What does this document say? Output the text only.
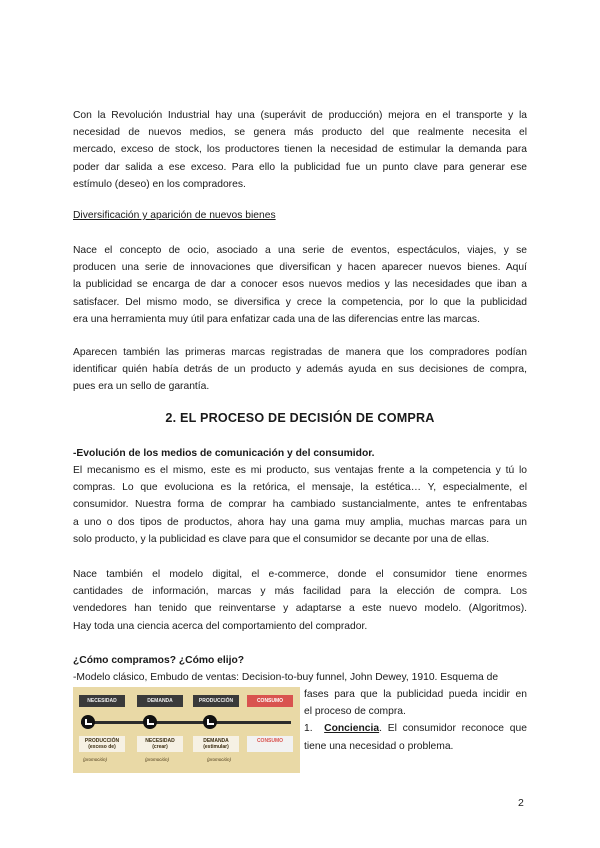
Con la Revolución Industrial hay una (superávit de producción) mejora en el transporte y la
necesidad de nuevos medios, se genera más producto del que realmente necesita el
mercado, exceso de stock, los productores tienen la necesidad de estimular la demanda para
poder dar salida a ese exceso. Para ello la publicidad fue un punto clave para generar ese
estímulo (deseo) en los compradores.
Diversificación y aparición de nuevos bienes
Nace el concepto de ocio, asociado a una serie de eventos, espectáculos, viajes, y se
producen una serie de innovaciones que diversifican y hacen aparecer nuevos bienes. Aquí
la publicidad se encarga de dar a conocer esos nuevos medios y las necesidades que iban a
satisfacer. Del mismo modo, se diversifica y crece la competencia, por lo que la publicidad
era una herramienta muy útil para enfatizar cada una de las diferencias entre las marcas.
Aparecen también las primeras marcas registradas de manera que los compradores podían
identificar quién había detrás de un producto y además ayuda en sus decisiones de compra,
pues era un sello de garantía.
2. EL PROCESO DE DECISIÓN DE COMPRA
-Evolución de los medios de comunicación y del consumidor.
El mecanismo es el mismo, este es mi producto, sus ventajas frente a la competencia y tú lo
compras. Lo que evoluciona es la retórica, el mensaje, la estética… Y, especialmente, el
consumidor. Nuestra forma de comprar ha cambiado sustancialmente, antes te enfrentabas
a uno o dos tipos de productos, ahora hay una gama muy amplia, muchas marcas para un
solo producto, y la publicidad es clave para que el consumidor se decante por una de ellas.
Nace también el modelo digital, el e-commerce, donde el consumidor tiene enormes
cantidades de información, marcas y más facilidad para la elección de compra. Los
vendedores han tenido que reinventarse y adaptarse a este nuevo modelo. (Algoritmos).
Hay toda una ciencia acerca del comportamiento del comprador.
¿Cómo compramos? ¿Cómo elijo?
-Modelo clásico, Embudo de ventas: Decision-to-buy funnel, John Dewey, 1910. Esquema de
fases para que la publicidad pueda incidir en
el proceso de compra.
1. Conciencia. El consumidor reconoce que
tiene una necesidad o problema.
NECESIDAD	DEMANDA	PRODUCCIÓN	CONSUMO
PRODUCCIÓN (exceso de)
NECESIDAD (crear)
DEMANDA (estimular)
CONSUMO
(promoción)	(promoción)	(promoción)
2
